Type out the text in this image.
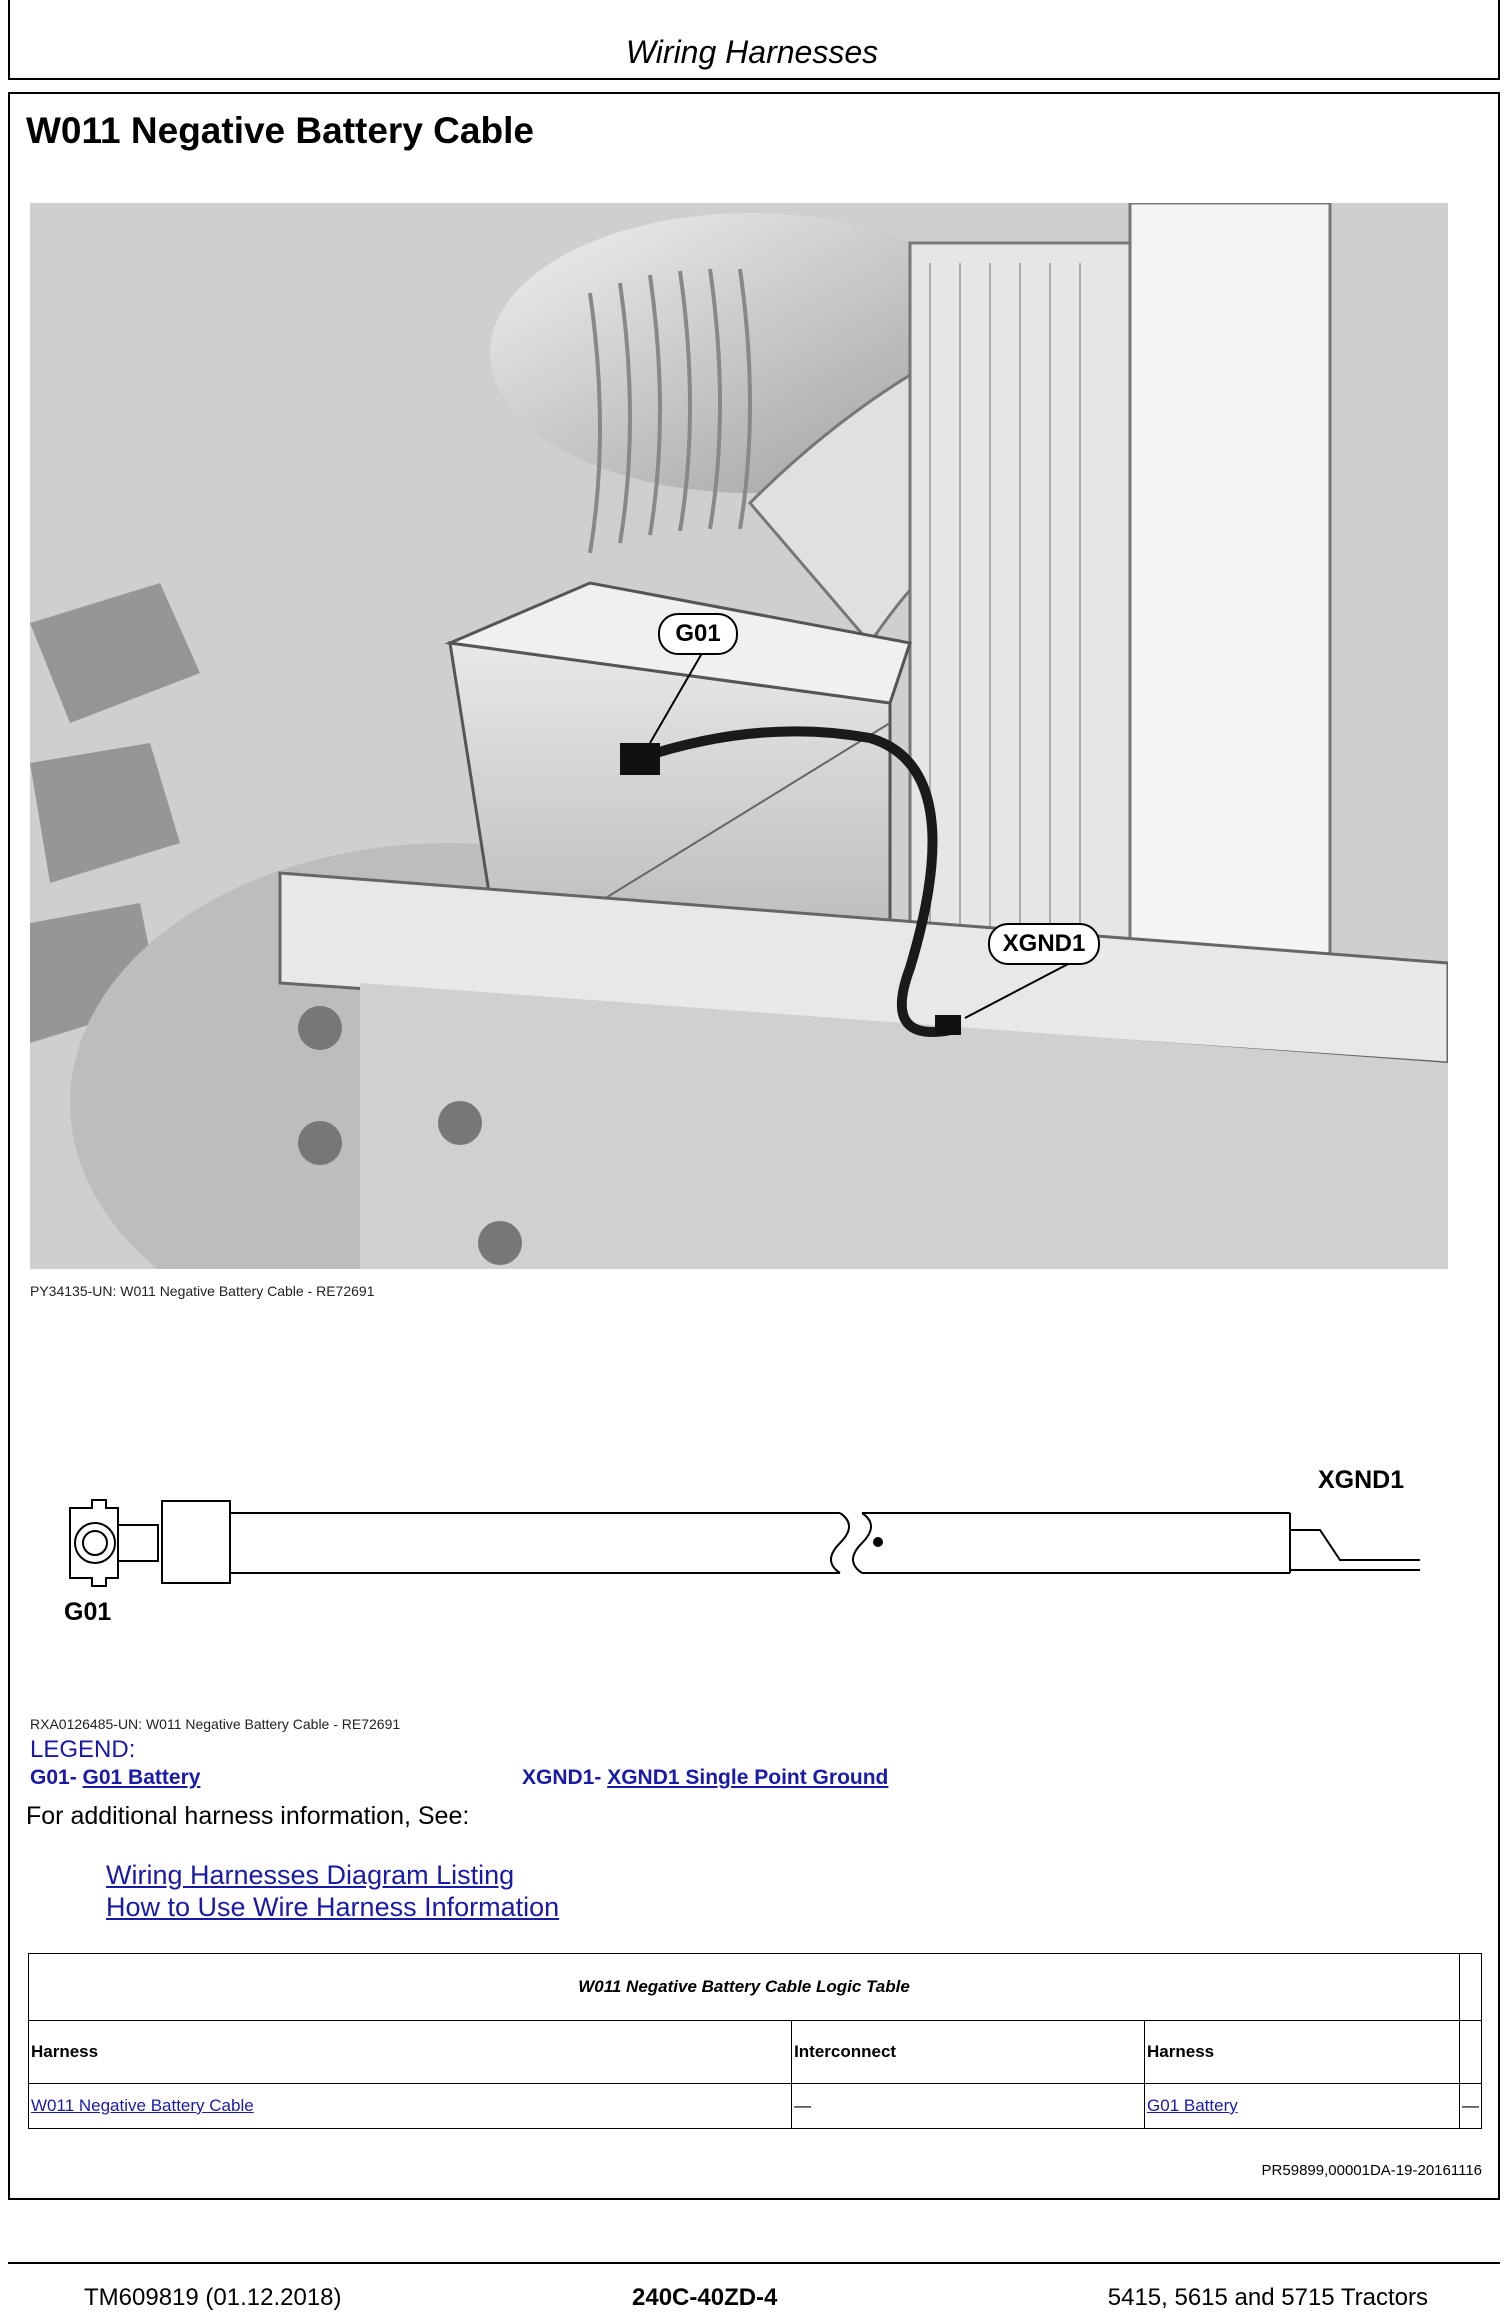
Wiring Harnesses
W011 Negative Battery Cable
G01
XGND1
PY34135-UN: W011 Negative Battery Cable - RE72691
XGND1
G01
RXA0126485-UN: W011 Negative Battery Cable - RE72691
LEGEND:
G01- G01 Battery	XGND1- XGND1 Single Point Ground
For additional harness information, See:
Wiring Harnesses Diagram Listing
How to Use Wire Harness Information
W011 Negative Battery Cable Logic Table			
Harness	Interconnect	Harness	
W011 Negative Battery Cable	—	G01 Battery	—
PR59899,00001DA-19-20161116
TM609819 (01.12.2018)	240C-40ZD-4	5415, 5615 and 5715 Tractors
